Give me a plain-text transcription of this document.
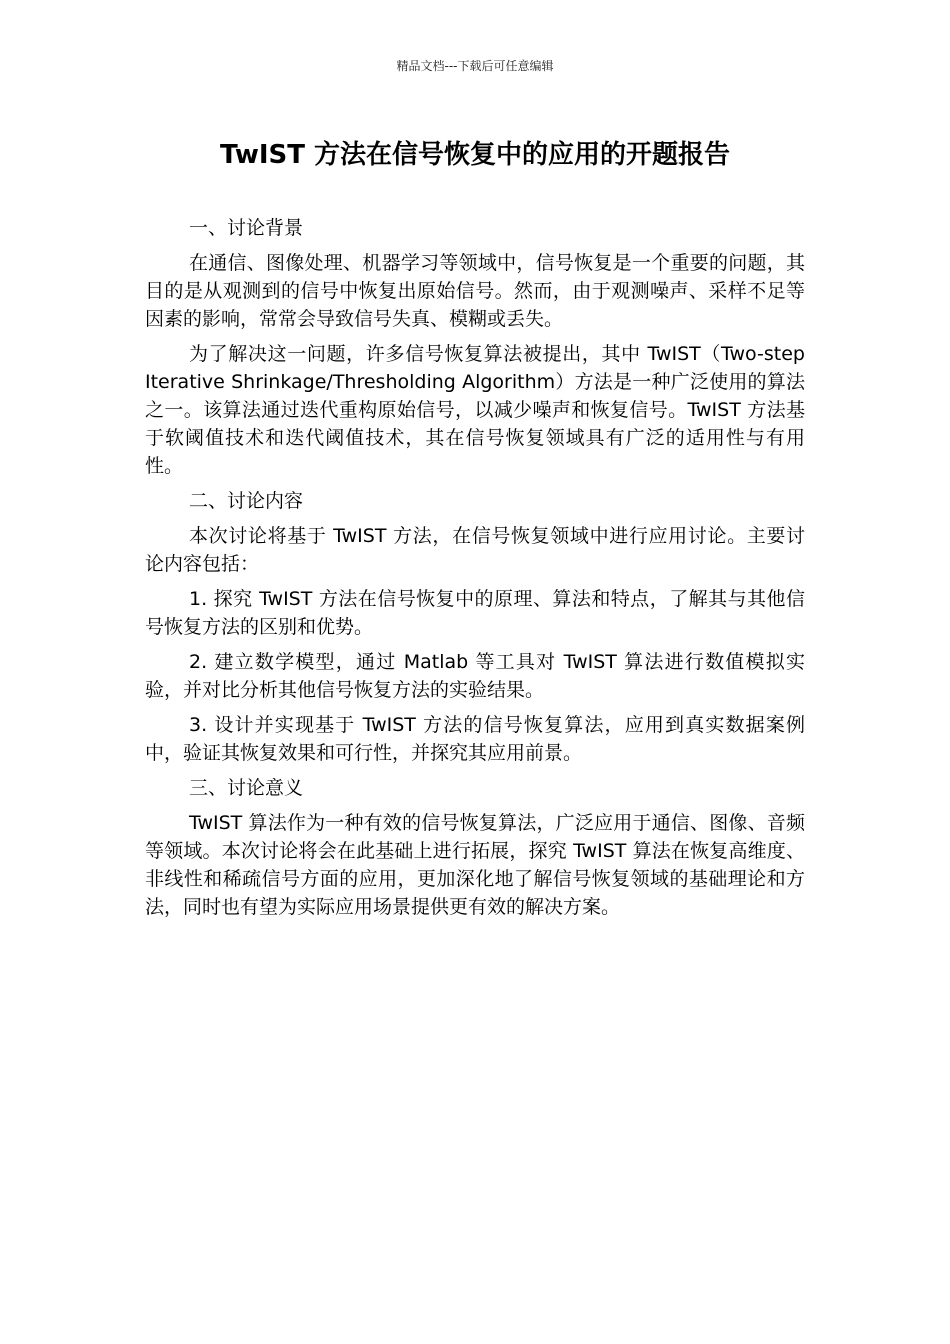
精品文档---下载后可任意编辑
TwIST 方法在信号恢复中的应用的开题报告

一、讨论背景

在通信、图像处理、机器学习等领域中，信号恢复是一个重要的问题，其目的是从观测到的信号中恢复出原始信号。然而，由于观测噪声、采样不足等因素的影响，常常会导致信号失真、模糊或丢失。

为了解决这一问题，许多信号恢复算法被提出，其中 TwIST（Two-step Iterative Shrinkage/Thresholding Algorithm）方法是一种广泛使用的算法之一。该算法通过迭代重构原始信号，以减少噪声和恢复信号。TwIST 方法基于软阈值技术和迭代阈值技术，其在信号恢复领域具有广泛的适用性与有用性。

二、讨论内容

本次讨论将基于 TwIST 方法，在信号恢复领域中进行应用讨论。主要讨论内容包括：

1. 探究 TwIST 方法在信号恢复中的原理、算法和特点，了解其与其他信号恢复方法的区别和优势。

2. 建立数学模型，通过 Matlab 等工具对 TwIST 算法进行数值模拟实验，并对比分析其他信号恢复方法的实验结果。

3. 设计并实现基于 TwIST 方法的信号恢复算法，应用到真实数据案例中，验证其恢复效果和可行性，并探究其应用前景。

三、讨论意义

TwIST 算法作为一种有效的信号恢复算法，广泛应用于通信、图像、音频等领域。本次讨论将会在此基础上进行拓展，探究 TwIST 算法在恢复高维度、非线性和稀疏信号方面的应用，更加深化地了解信号恢复领域的基础理论和方法，同时也有望为实际应用场景提供更有效的解决方案。
